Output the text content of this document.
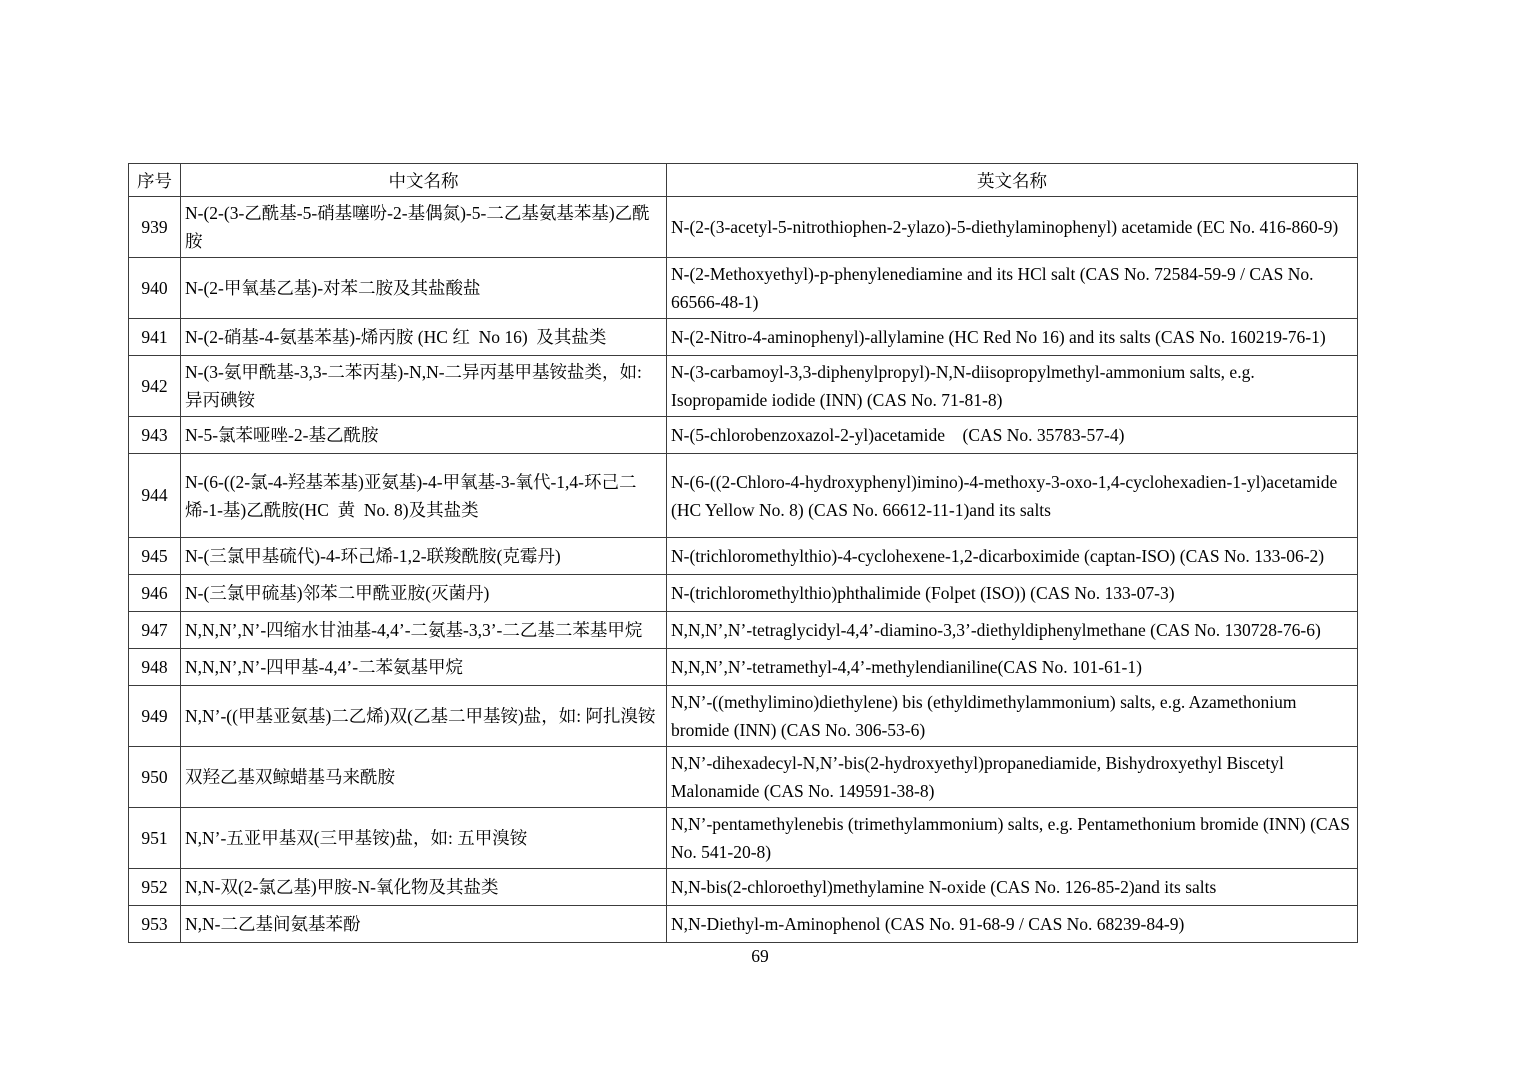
序号	中文名称	英文名称
939	N-(2-(3-乙酰基-5-硝基噻吩-2-基偶氮)-5-二乙基氨基苯基)乙酰胺	N-(2-(3-acetyl-5-nitrothiophen-2-ylazo)-5-diethylaminophenyl) acetamide (EC No. 416-860-9)
940	N-(2-甲氧基乙基)-对苯二胺及其盐酸盐	N-(2-Methoxyethyl)-p-phenylenediamine and its HCl salt (CAS No. 72584-59-9 / CAS No. 66566-48-1)
941	N-(2-硝基-4-氨基苯基)-烯丙胺 (HC 红  No 16)  及其盐类	N-(2-Nitro-4-aminophenyl)-allylamine (HC Red No 16) and its salts (CAS No. 160219-76-1)
942	N-(3-氨甲酰基-3,3-二苯丙基)-N,N-二异丙基甲基铵盐类，如: 异丙碘铵	N-(3-carbamoyl-3,3-diphenylpropyl)-N,N-diisopropylmethyl-ammonium salts, e.g. Isopropamide iodide (INN) (CAS No. 71-81-8)
943	N-5-氯苯哑唑-2-基乙酰胺	N-(5-chlorobenzoxazol-2-yl)acetamide    (CAS No. 35783-57-4)
944	N-(6-((2-氯-4-羟基苯基)亚氨基)-4-甲氧基-3-氧代-1,4-环己二烯-1-基)乙酰胺(HC  黄  No. 8)及其盐类	N-(6-((2-Chloro-4-hydroxyphenyl)imino)-4-methoxy-3-oxo-1,4-cyclohexadien-1-yl)acetamide (HC Yellow No. 8) (CAS No. 66612-11-1)and its salts
945	N-(三氯甲基硫代)-4-环己烯-1,2-联羧酰胺(克霉丹)	N-(trichloromethylthio)-4-cyclohexene-1,2-dicarboximide (captan-ISO) (CAS No. 133-06-2)
946	N-(三氯甲硫基)邻苯二甲酰亚胺(灭菌丹)	N-(trichloromethylthio)phthalimide (Folpet (ISO)) (CAS No. 133-07-3)
947	N,N,N’,N’-四缩水甘油基-4,4’-二氨基-3,3’-二乙基二苯基甲烷	N,N,N’,N’-tetraglycidyl-4,4’-diamino-3,3’-diethyldiphenylmethane (CAS No. 130728-76-6)
948	N,N,N’,N’-四甲基-4,4’-二苯氨基甲烷	N,N,N’,N’-tetramethyl-4,4’-methylendianiline(CAS No. 101-61-1)
949	N,N’-((甲基亚氨基)二乙烯)双(乙基二甲基铵)盐，如: 阿扎溴铵	N,N’-((methylimino)diethylene) bis (ethyldimethylammonium) salts, e.g. Azamethonium bromide (INN) (CAS No. 306-53-6)
950	双羟乙基双鲸蜡基马来酰胺	N,N’-dihexadecyl-N,N’-bis(2-hydroxyethyl)propanediamide, Bishydroxyethyl Biscetyl Malonamide (CAS No. 149591-38-8)
951	N,N’-五亚甲基双(三甲基铵)盐，如: 五甲溴铵	N,N’-pentamethylenebis (trimethylammonium) salts, e.g. Pentamethonium bromide (INN) (CAS No. 541-20-8)
952	N,N-双(2-氯乙基)甲胺-N-氧化物及其盐类	N,N-bis(2-chloroethyl)methylamine N-oxide (CAS No. 126-85-2)and its salts
953	N,N-二乙基间氨基苯酚	N,N-Diethyl-m-Aminophenol (CAS No. 91-68-9 / CAS No. 68239-84-9)
69
